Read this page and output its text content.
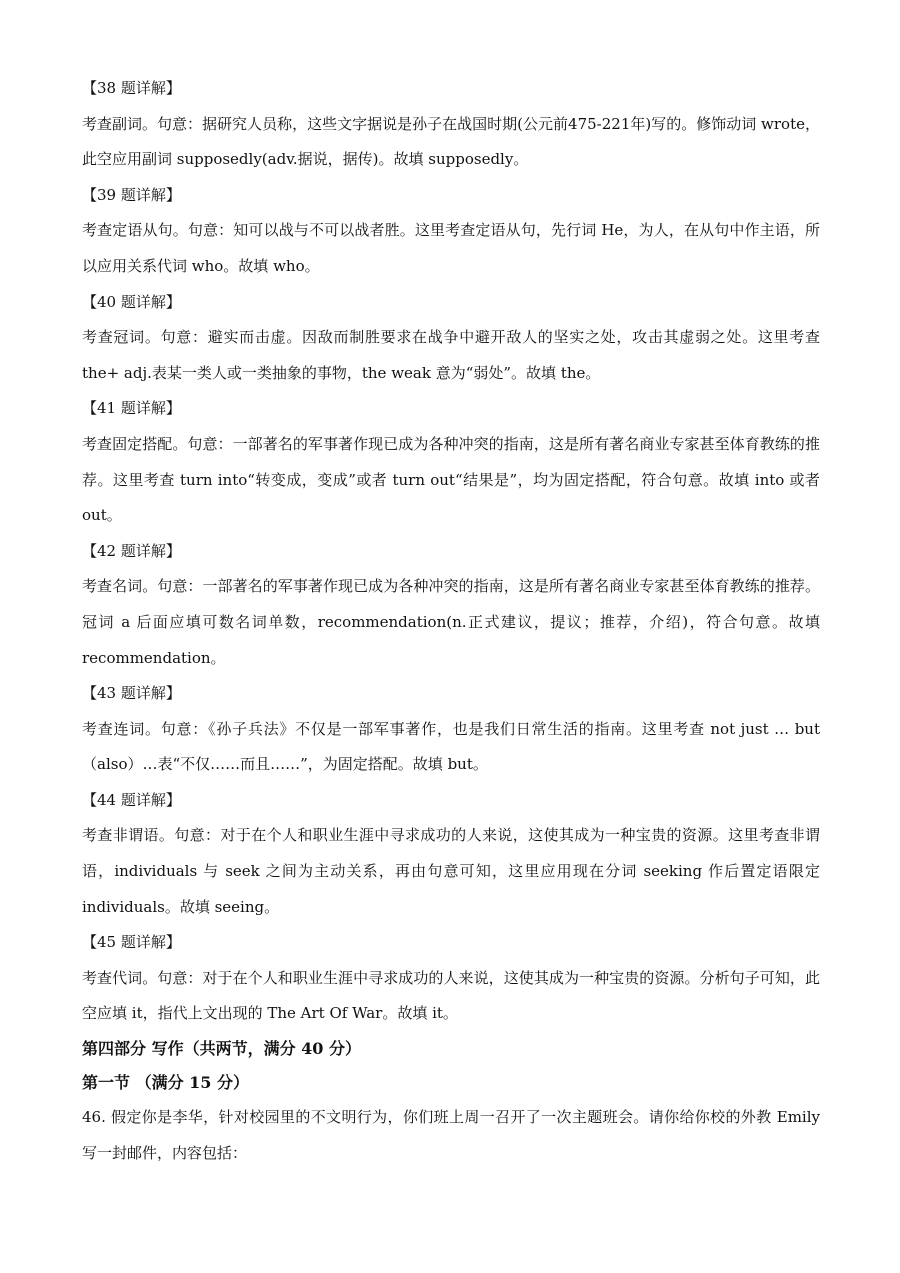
【38 题详解】
考查副词。句意：据研究人员称，这些文字据说是孙子在战国时期(公元前475-221年)写的。修饰动词 wrote，此空应用副词 supposedly(adv.据说，据传)。故填 supposedly。
【39 题详解】
考查定语从句。句意：知可以战与不可以战者胜。这里考查定语从句，先行词 He，为人，在从句中作主语，所以应用关系代词 who。故填 who。
【40 题详解】
考查冠词。句意：避实而击虚。因敌而制胜要求在战争中避开敌人的坚实之处，攻击其虚弱之处。这里考查 the+ adj.表某一类人或一类抽象的事物，the weak 意为“弱处”。故填 the。
【41 题详解】
考查固定搭配。句意：一部著名的军事著作现已成为各种冲突的指南，这是所有著名商业专家甚至体育教练的推荐。这里考查 turn into“转变成，变成”或者 turn out“结果是”，均为固定搭配，符合句意。故填 into 或者 out。
【42 题详解】
考查名词。句意：一部著名的军事著作现已成为各种冲突的指南，这是所有著名商业专家甚至体育教练的推荐。冠词 a 后面应填可数名词单数，recommendation(n.正式建议，提议；推荐，介绍)，符合句意。故填 recommendation。
【43 题详解】
考查连词。句意：《孙子兵法》不仅是一部军事著作，也是我们日常生活的指南。这里考查 not just … but（also）…表“不仅……而且……”，为固定搭配。故填 but。
【44 题详解】
考查非谓语。句意：对于在个人和职业生涯中寻求成功的人来说，这使其成为一种宝贵的资源。这里考查非谓语，individuals 与 seek 之间为主动关系，再由句意可知，这里应用现在分词 seeking 作后置定语限定 individuals。故填 seeing。
【45 题详解】
考查代词。句意：对于在个人和职业生涯中寻求成功的人来说，这使其成为一种宝贵的资源。分析句子可知，此空应填 it，指代上文出现的 The Art Of War。故填 it。
第四部分 写作（共两节，满分 40 分）
第一节 （满分 15 分）
46. 假定你是李华，针对校园里的不文明行为，你们班上周一召开了一次主题班会。请你给你校的外教 Emily 写一封邮件，内容包括：
